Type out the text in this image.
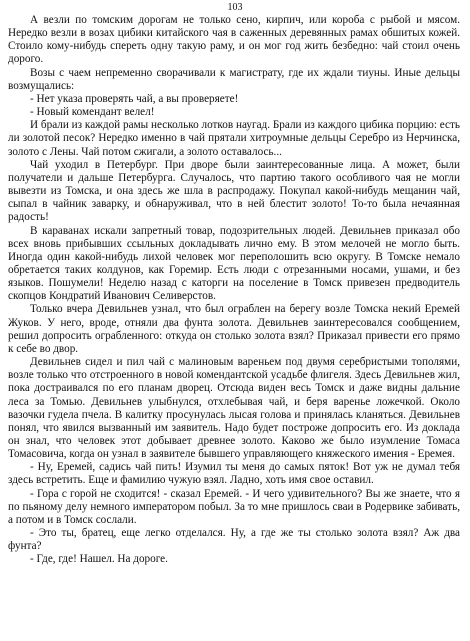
103

А везли по томским дорогам не только сено, кирпич, или короба с рыбой и мясом. Нередко везли в возах цибики китайского чая в саженных деревянных рамах обшитых кожей. Стоило кому-нибудь спереть одну такую раму, и он мог год жить безбедно: чай стоил очень дорого.

Возы с чаем непременно сворачивали к магистрату, где их ждали тиуны. Иные дельцы возмущались:

- Нет указа проверять чай, а вы проверяете!

- Новый комендант велел!

И брали из каждой рамы несколько лотков наугад. Брали из каждого цибика порцию: есть ли золотой песок? Нередко именно в чай прятали хитроумные дельцы Серебро из Нерчинска, золото с Лены. Чай потом сжигали, а золото оставалось...

Чай уходил в Петербург. При дворе были заинтересованные лица. А может, были получатели и дальше Петербурга. Случалось, что партию такого особливого чая не могли вывезти из Томска, и она здесь же шла в распродажу. Покупал какой-нибудь мещанин чай, сыпал в чайник заварку, и обнаруживал, что в ней блестит золото! То-то была нечаянная радость!

В караванах искали запретный товар, подозрительных людей. Девильнев приказал обо всех вновь прибывших ссыльных докладывать лично ему. В этом мелочей не могло быть. Иногда один какой-нибудь лихой человек мог переполошить всю округу. В Томске немало обретается таких колдунов, как Горемир. Есть люди с отрезанными носами, ушами, и без языков. Пошумели! Неделю назад с каторги на поселение в Томск привезен предводитель скопцов Кондратий Иванович Селиверстов.

Только вчера Девильнев узнал, что был ограблен на берегу возле Томска некий Еремей Жуков. У него, вроде, отняли два фунта золота. Девильнев заинтересовался сообщением, решил допросить ограбленного: откуда он столько золота взял? Приказал привести его прямо к себе во двор.

Девильнев сидел и пил чай с малиновым вареньем под двумя серебристыми тополями, возле только что отстроенного в новой комендантской усадьбе флигеля. Здесь Девильнев жил, пока достраивался по его планам дворец. Отсюда виден весь Томск и даже видны дальние леса за Томью. Девильнев улыбнулся, отхлебывая чай, и беря варенье ложечкой. Около вазочки гудела пчела. В калитку просунулась лысая голова и принялась кланяться. Девильнев понял, что явился вызванный им заявитель. Надо будет построже допросить его. Из доклада он знал, что человек этот добывает древнее золото. Каково же было изумление Томаса Томасовича, когда он узнал в заявителе бывшего управляющего княжеского имения - Еремея.

- Ну, Еремей, садись чай пить! Изумил ты меня до самых пяток! Вот уж не думал тебя здесь встретить. Еще и фамилию чужую взял. Ладно, хоть имя свое оставил.

- Гора с горой не сходится! - сказал Еремей. - И чего удивительного? Вы же знаете, что я по пьяному делу немного императором побыл. За то мне пришлось сваи в Родервике забивать, а потом и в Томск сослали.

- Это ты, братец, еще легко отделался. Ну, а где же ты столько золота взял? Аж два фунта?

- Где, где! Нашел. На дороге.
